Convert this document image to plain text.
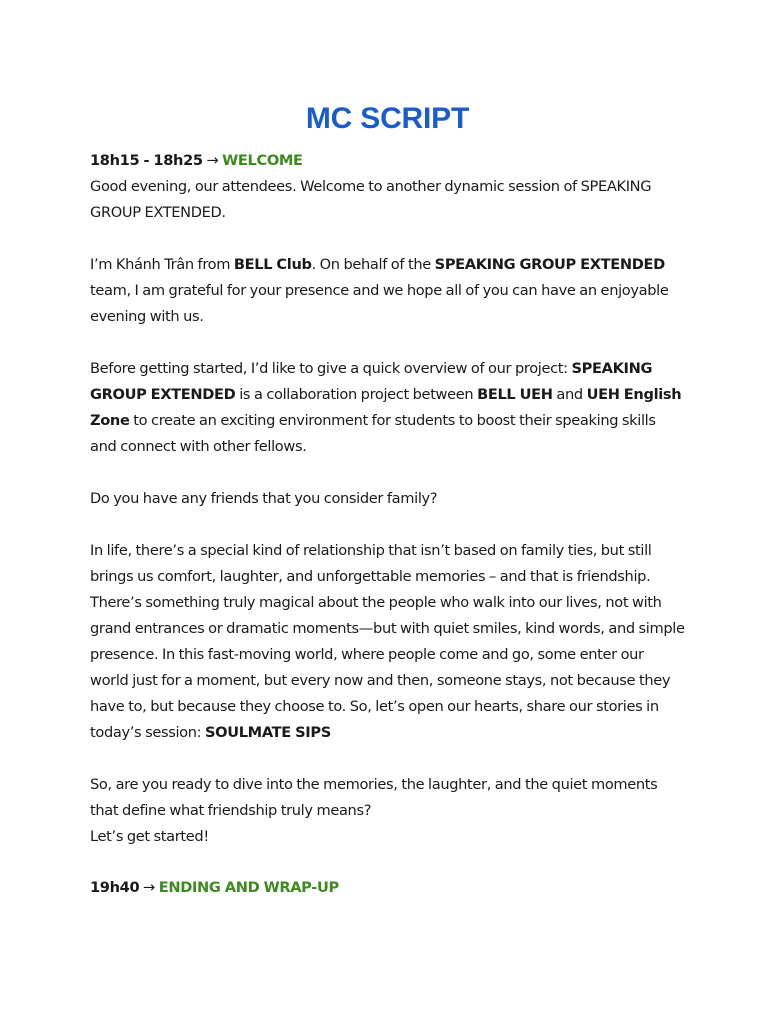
MC SCRIPT

18h15 - 18h25 → WELCOME

Good evening, our attendees. Welcome to another dynamic session of SPEAKING GROUP EXTENDED.

I’m Khánh Trân from BELL Club. On behalf of the SPEAKING GROUP EXTENDED team, I am grateful for your presence and we hope all of you can have an enjoyable evening with us.

Before getting started, I’d like to give a quick overview of our project: SPEAKING GROUP EXTENDED is a collaboration project between BELL UEH and UEH English Zone to create an exciting environment for students to boost their speaking skills and connect with other fellows.

Do you have any friends that you consider family?

In life, there’s a special kind of relationship that isn’t based on family ties, but still brings us comfort, laughter, and unforgettable memories – and that is friendship. There’s something truly magical about the people who walk into our lives, not with grand entrances or dramatic moments—but with quiet smiles, kind words, and simple presence. In this fast-moving world, where people come and go, some enter our world just for a moment, but every now and then, someone stays, not because they have to, but because they choose to. So, let’s open our hearts, share our stories in today’s session: SOULMATE SIPS

So, are you ready to dive into the memories, the laughter, and the quiet moments that define what friendship truly means?

Let’s get started!

19h40 → ENDING AND WRAP-UP
